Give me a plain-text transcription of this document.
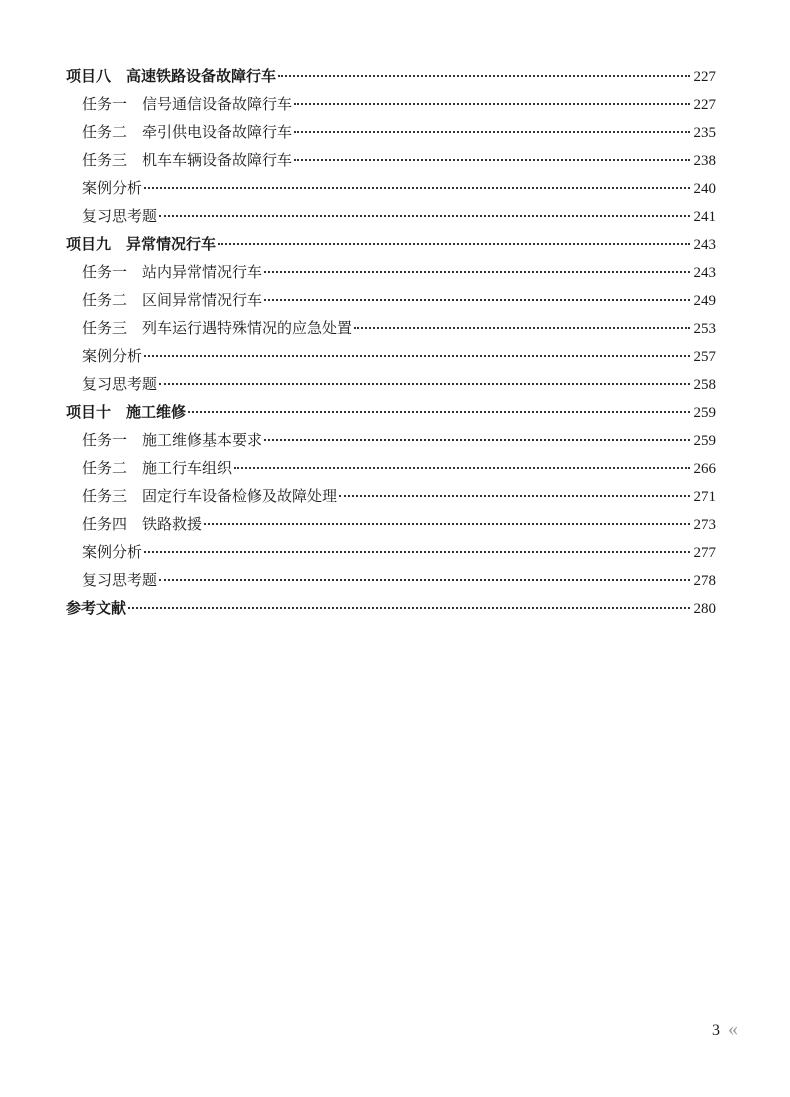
项目八　高速铁路设备故障行车	227
任务一　信号通信设备故障行车	227
任务二　牵引供电设备故障行车	235
任务三　机车车辆设备故障行车	238
案例分析	240
复习思考题	241
项目九　异常情况行车	243
任务一　站内异常情况行车	243
任务二　区间异常情况行车	249
任务三　列车运行遇特殊情况的应急处置	253
案例分析	257
复习思考题	258
项目十　施工维修	259
任务一　施工维修基本要求	259
任务二　施工行车组织	266
任务三　固定行车设备检修及故障处理	271
任务四　铁路救援	273
案例分析	277
复习思考题	278
参考文献	280
3 «
